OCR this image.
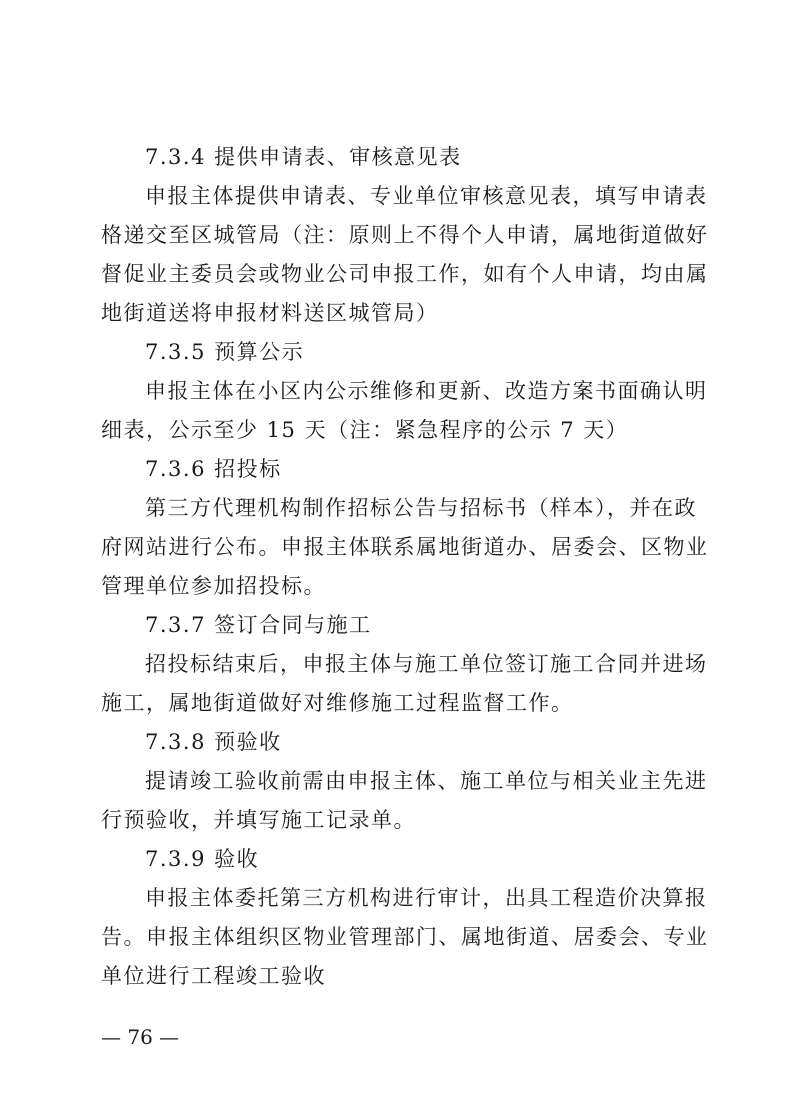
7.3.4 提供申请表、审核意见表
申报主体提供申请表、专业单位审核意见表，填写申请表
格递交至区城管局（注：原则上不得个人申请，属地街道做好
督促业主委员会或物业公司申报工作，如有个人申请，均由属
地街道送将申报材料送区城管局）
7.3.5 预算公示
申报主体在小区内公示维修和更新、改造方案书面确认明
细表，公示至少 15 天（注：紧急程序的公示 7 天）
7.3.6 招投标
第三方代理机构制作招标公告与招标书（样本），并在政
府网站进行公布。申报主体联系属地街道办、居委会、区物业
管理单位参加招投标。
7.3.7 签订合同与施工
招投标结束后，申报主体与施工单位签订施工合同并进场
施工，属地街道做好对维修施工过程监督工作。
7.3.8 预验收
提请竣工验收前需由申报主体、施工单位与相关业主先进
行预验收，并填写施工记录单。
7.3.9 验收
申报主体委托第三方机构进行审计，出具工程造价决算报
告。申报主体组织区物业管理部门、属地街道、居委会、专业
单位进行工程竣工验收
— 76 —
